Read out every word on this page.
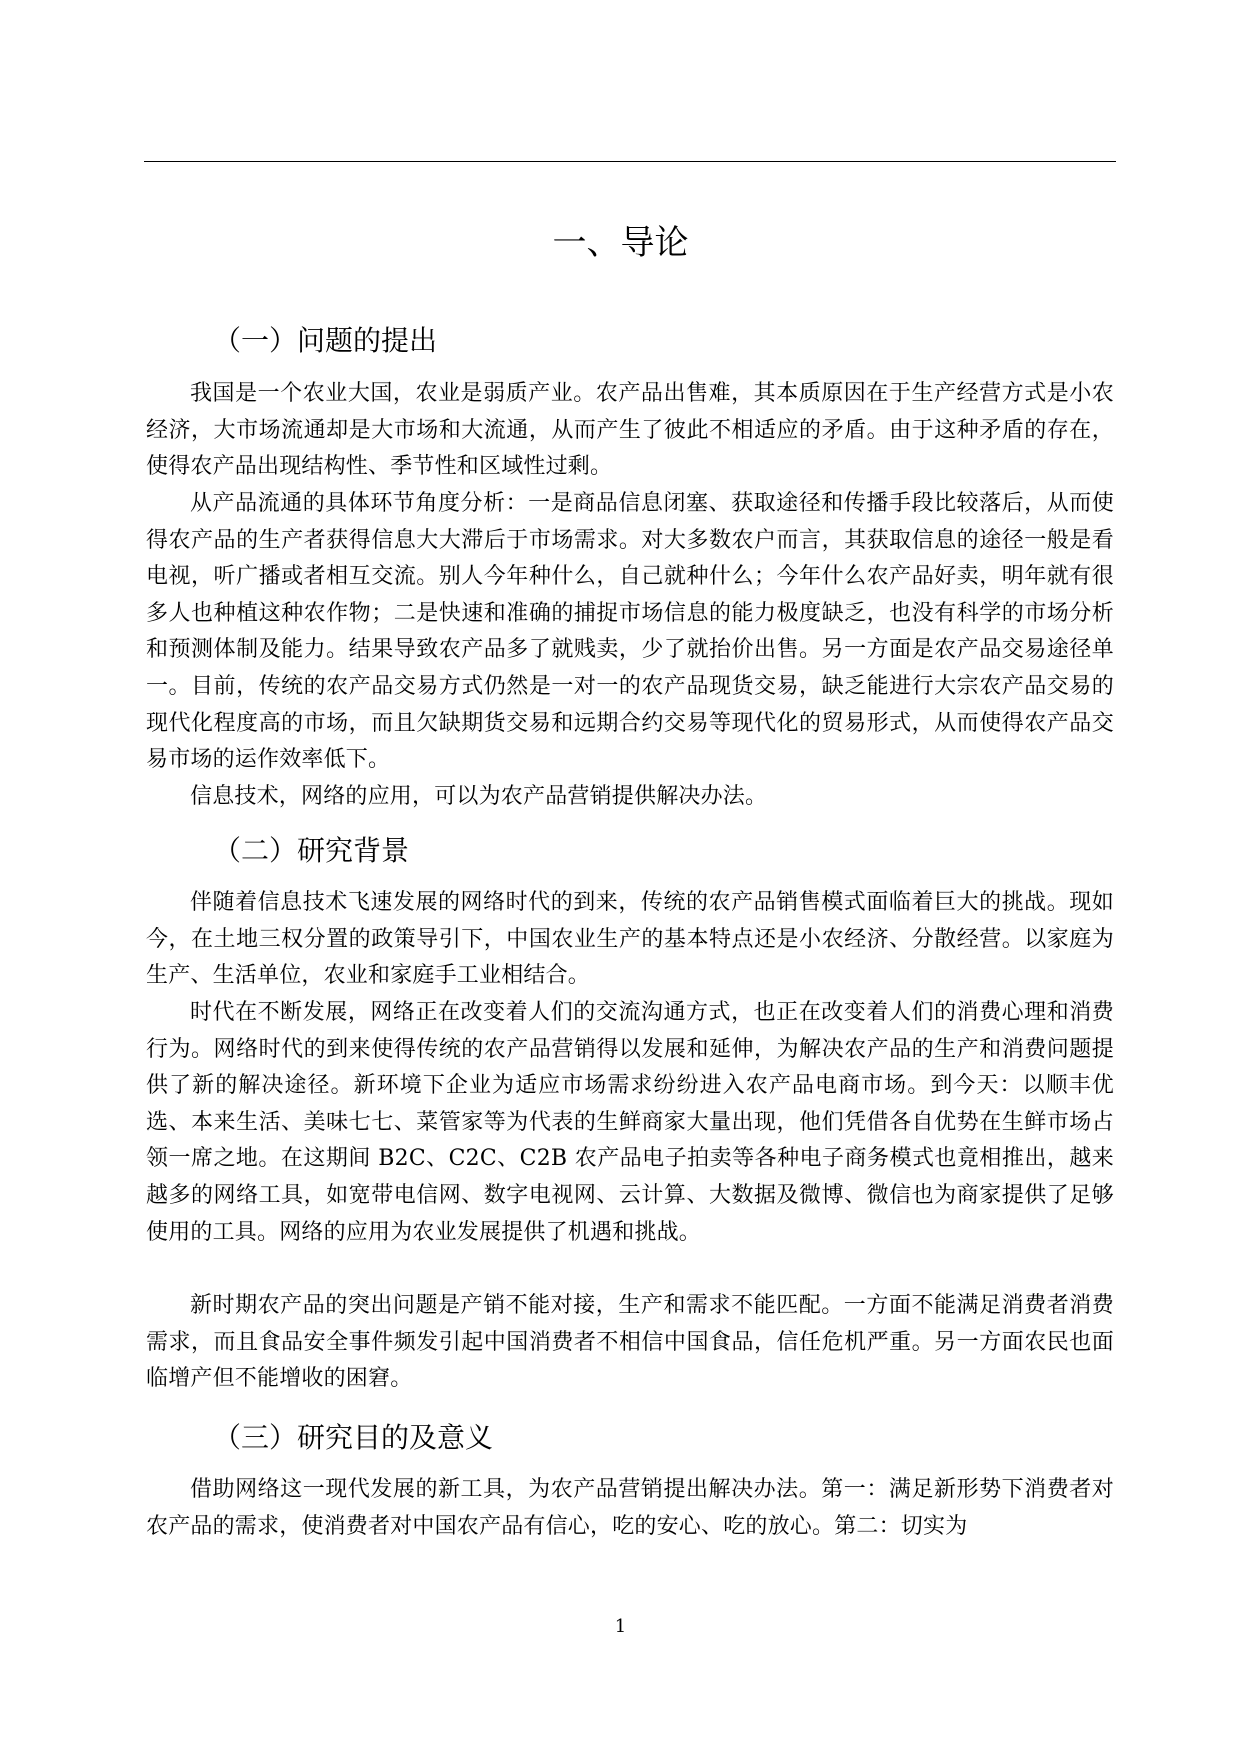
一、导论
（一）问题的提出

我国是一个农业大国，农业是弱质产业。农产品出售难，其本质原因在于生产经营方式是小农经济，大市场流通却是大市场和大流通，从而产生了彼此不相适应的矛盾。由于这种矛盾的存在，使得农产品出现结构性、季节性和区域性过剩。

从产品流通的具体环节角度分析：一是商品信息闭塞、获取途径和传播手段比较落后，从而使得农产品的生产者获得信息大大滞后于市场需求。对大多数农户而言，其获取信息的途径一般是看电视，听广播或者相互交流。别人今年种什么，自己就种什么；今年什么农产品好卖，明年就有很多人也种植这种农作物；二是快速和准确的捕捉市场信息的能力极度缺乏，也没有科学的市场分析和预测体制及能力。结果导致农产品多了就贱卖，少了就抬价出售。另一方面是农产品交易途径单一。目前，传统的农产品交易方式仍然是一对一的农产品现货交易，缺乏能进行大宗农产品交易的现代化程度高的市场，而且欠缺期货交易和远期合约交易等现代化的贸易形式，从而使得农产品交易市场的运作效率低下。

信息技术，网络的应用，可以为农产品营销提供解决办法。

（二）研究背景

伴随着信息技术飞速发展的网络时代的到来，传统的农产品销售模式面临着巨大的挑战。现如今，在土地三权分置的政策导引下，中国农业生产的基本特点还是小农经济、分散经营。以家庭为生产、生活单位，农业和家庭手工业相结合。

时代在不断发展，网络正在改变着人们的交流沟通方式，也正在改变着人们的消费心理和消费行为。网络时代的到来使得传统的农产品营销得以发展和延伸，为解决农产品的生产和消费问题提供了新的解决途径。新环境下企业为适应市场需求纷纷进入农产品电商市场。到今天：以顺丰优选、本来生活、美味七七、菜管家等为代表的生鲜商家大量出现，他们凭借各自优势在生鲜市场占领一席之地。在这期间 B2C、C2C、C2B 农产品电子拍卖等各种电子商务模式也竟相推出，越来越多的网络工具，如宽带电信网、数字电视网、云计算、大数据及微博、微信也为商家提供了足够使用的工具。网络的应用为农业发展提供了机遇和挑战。

新时期农产品的突出问题是产销不能对接，生产和需求不能匹配。一方面不能满足消费者消费需求，而且食品安全事件频发引起中国消费者不相信中国食品，信任危机严重。另一方面农民也面临增产但不能增收的困窘。

（三）研究目的及意义

借助网络这一现代发展的新工具，为农产品营销提出解决办法。第一：满足新形势下消费者对农产品的需求，使消费者对中国农产品有信心，吃的安心、吃的放心。第二：切实为

1
